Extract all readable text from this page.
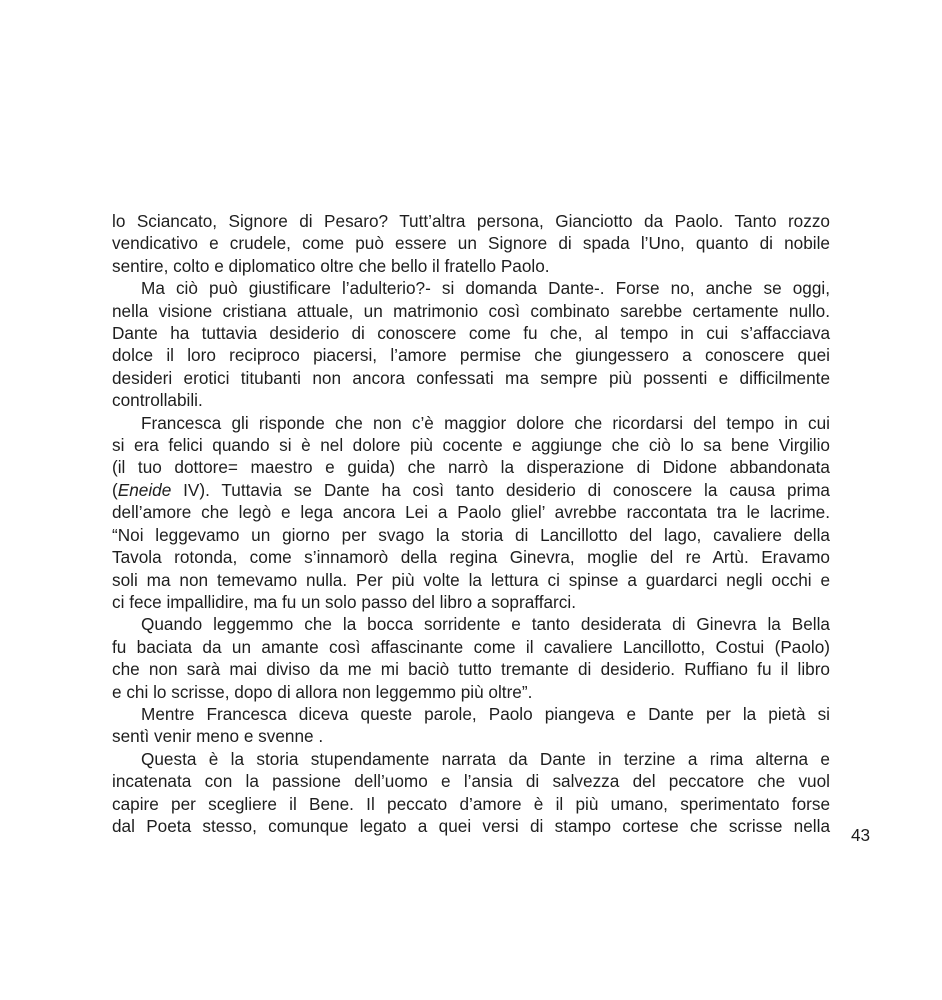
lo Sciancato, Signore di Pesaro? Tutt’altra persona, Gianciotto da Paolo. Tanto rozzo
vendicativo e crudele, come può essere un Signore di spada l’Uno, quanto di nobile
sentire, colto e diplomatico oltre che bello il fratello Paolo.

Ma ciò può giustificare l’adulterio?- si domanda Dante-. Forse no, anche se oggi,
nella visione cristiana attuale, un matrimonio così combinato sarebbe certamente nullo.
Dante ha tuttavia desiderio di conoscere come fu che, al tempo in cui s’affacciava
dolce il loro reciproco piacersi, l’amore permise che giungessero a conoscere quei
desideri erotici titubanti non ancora confessati ma sempre più possenti e difficilmente
controllabili.

Francesca gli risponde che non c’è maggior dolore che ricordarsi del tempo in cui
si era felici quando si è nel dolore più cocente e aggiunge che ciò lo sa bene Virgilio
(il tuo dottore= maestro e guida) che narrò la disperazione di Didone abbandonata
(Eneide IV). Tuttavia se Dante ha così tanto desiderio di conoscere la causa prima
dell’amore che legò e lega ancora Lei a Paolo gliel’ avrebbe raccontata tra le lacrime.
“Noi leggevamo un giorno per svago la storia di Lancillotto del lago, cavaliere della
Tavola rotonda, come s’innamorò della regina Ginevra, moglie del re Artù. Eravamo
soli ma non temevamo nulla. Per più volte la lettura ci spinse a guardarci negli occhi e
ci fece impallidire, ma fu un solo passo del libro a sopraffarci.

Quando leggemmo che la bocca sorridente e tanto desiderata di Ginevra la Bella
fu baciata da un amante così affascinante come il cavaliere Lancillotto, Costui (Paolo)
che non sarà mai diviso da me mi baciò tutto tremante di desiderio. Ruffiano fu il libro
e chi lo scrisse, dopo di allora non leggemmo più oltre”.

Mentre Francesca diceva queste parole, Paolo piangeva e Dante per la pietà si
sentì venir meno e svenne .

Questa è la storia stupendamente narrata da Dante in terzine a rima alterna e
incatenata con la passione dell’uomo e l’ansia di salvezza del peccatore che vuol
capire per scegliere il Bene. Il peccato d’amore è il più umano, sperimentato forse
dal Poeta stesso, comunque legato a quei versi di stampo cortese che scrisse nella 43
